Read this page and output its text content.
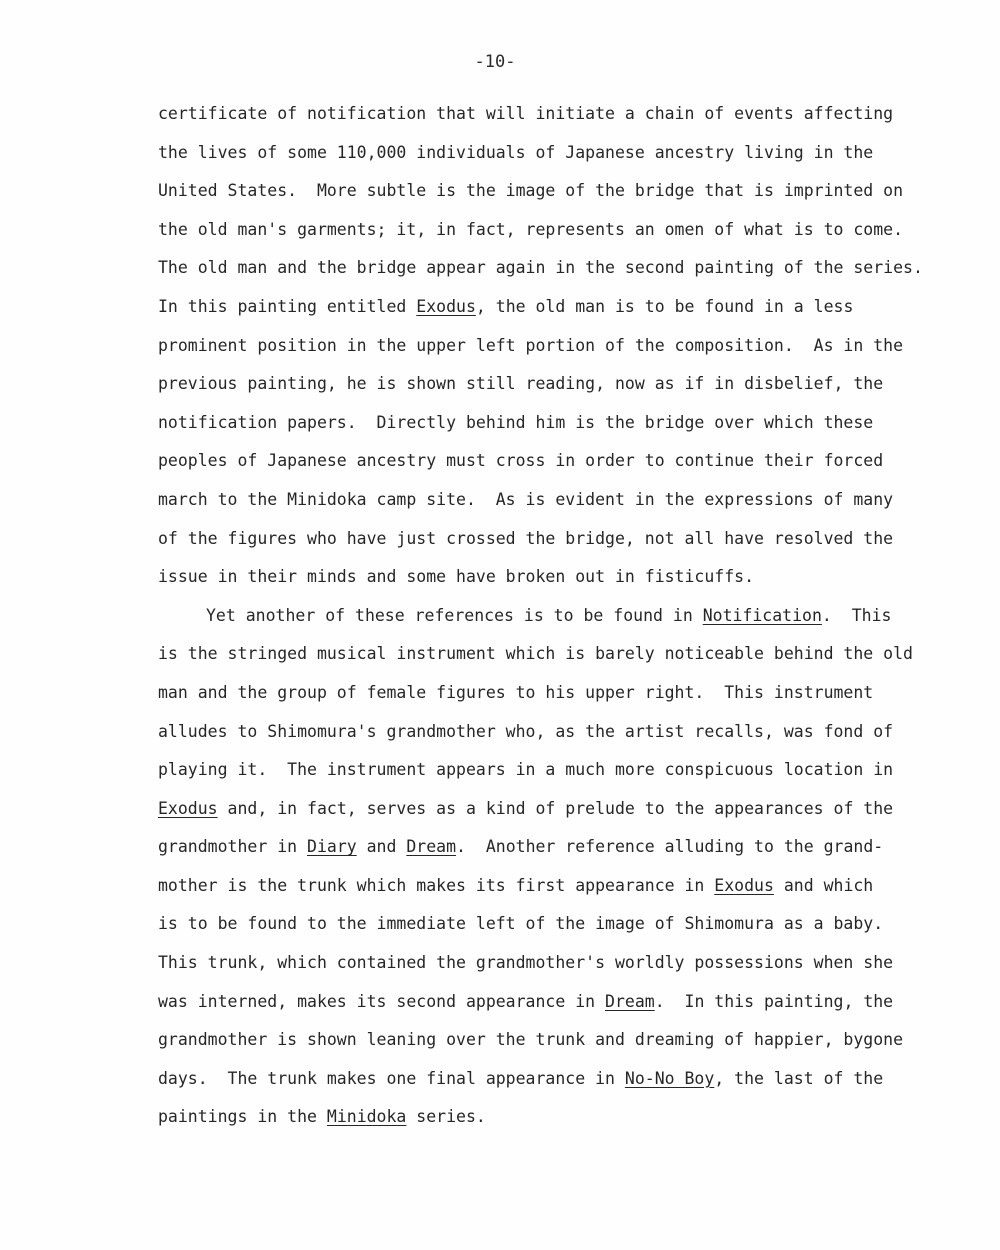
-10-
certificate of notification that will initiate a chain of events affecting
the lives of some 110,000 individuals of Japanese ancestry living in the
United States.  More subtle is the image of the bridge that is imprinted on
the old man's garments; it, in fact, represents an omen of what is to come.
The old man and the bridge appear again in the second painting of the series.
In this painting entitled Exodus, the old man is to be found in a less
prominent position in the upper left portion of the composition.  As in the
previous painting, he is shown still reading, now as if in disbelief, the
notification papers.  Directly behind him is the bridge over which these
peoples of Japanese ancestry must cross in order to continue their forced
march to the Minidoka camp site.  As is evident in the expressions of many
of the figures who have just crossed the bridge, not all have resolved the
issue in their minds and some have broken out in fisticuffs.
Yet another of these references is to be found in Notification.  This
is the stringed musical instrument which is barely noticeable behind the old
man and the group of female figures to his upper right.  This instrument
alludes to Shimomura's grandmother who, as the artist recalls, was fond of
playing it.  The instrument appears in a much more conspicuous location in
Exodus and, in fact, serves as a kind of prelude to the appearances of the
grandmother in Diary and Dream.  Another reference alluding to the grand-
mother is the trunk which makes its first appearance in Exodus and which
is to be found to the immediate left of the image of Shimomura as a baby.
This trunk, which contained the grandmother's worldly possessions when she
was interned, makes its second appearance in Dream.  In this painting, the
grandmother is shown leaning over the trunk and dreaming of happier, bygone
days.  The trunk makes one final appearance in No-No Boy, the last of the
paintings in the Minidoka series.
